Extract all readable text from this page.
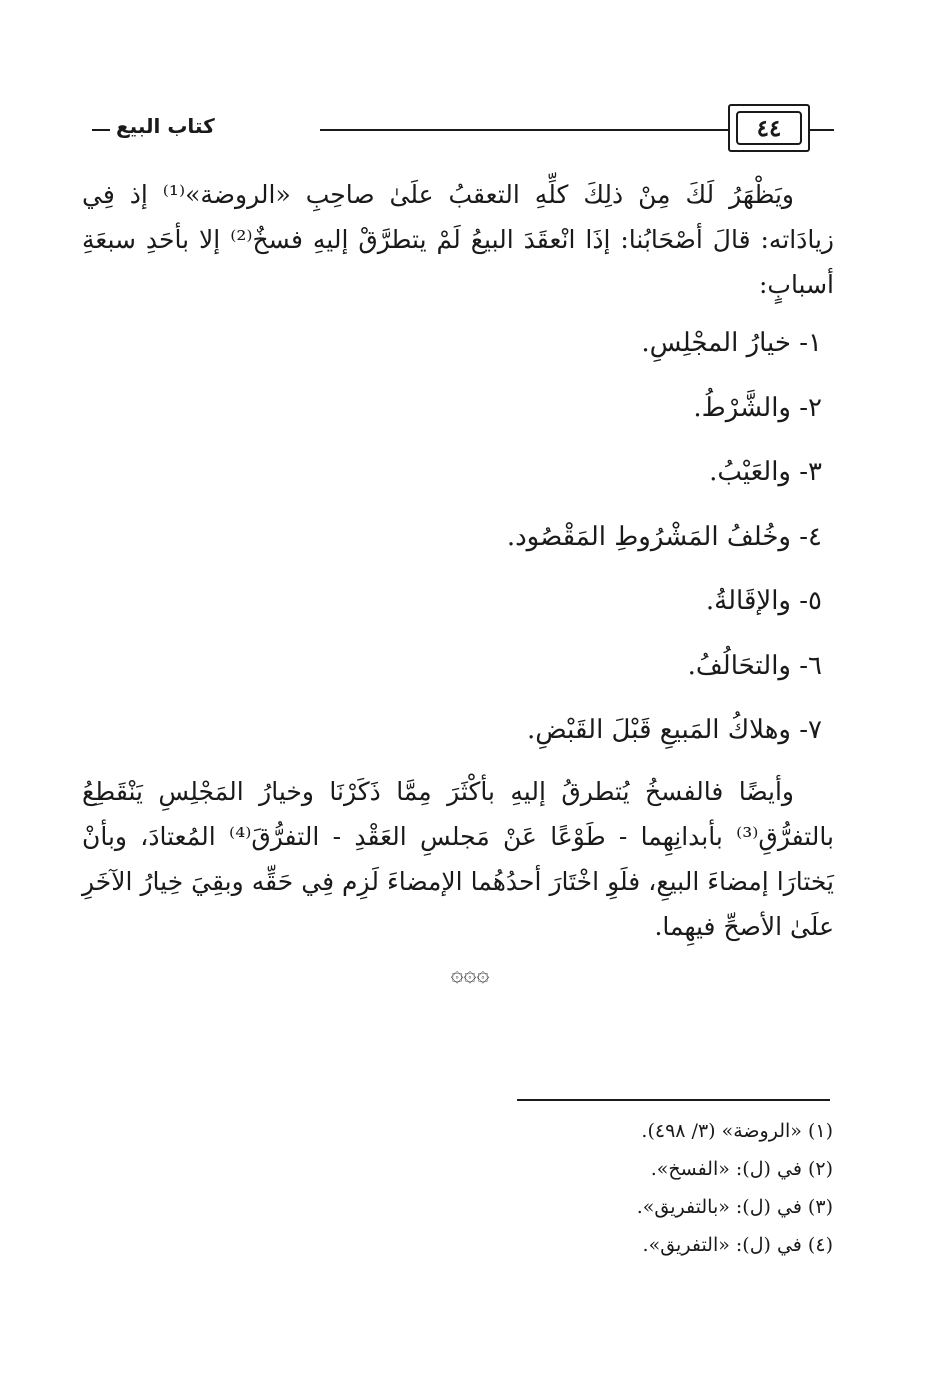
٤٤
كتاب البيع

ويَظْهَرُ لَكَ مِنْ ذلِكَ كلِّهِ التعقبُ علَىٰ صاحِبِ «الروضة»⁽¹⁾ إذ فِي زيادَاته: قالَ أصْحَابُنا: إذَا انْعقَدَ البيعُ لَمْ يتطرَّقْ إليهِ فسخٌ⁽²⁾ إلا بأحَدِ سبعَةِ أسبابٍ:

١- خيارُ المجْلِسِ.

٢- والشَّرْطُ.

٣- والعَيْبُ.

٤- وخُلفُ المَشْرُوطِ المَقْصُود.

٥- والإقَالةُ.

٦- والتحَالُفُ.

٧- وهلاكُ المَبيعِ قَبْلَ القَبْضِ.

وأيضًا فالفسخُ يُتطرقُ إليهِ بأكْثَرَ مِمَّا ذَكَرْنَا وخيارُ المَجْلِسِ يَنْقَطِعُ بالتفرُّقِ⁽³⁾ بأبدانِهِما - طَوْعًا عَنْ مَجلسِ العَقْدِ - التفرُّقَ⁽⁴⁾ المُعتادَ، وبأنْ يَختارَا إمضاءَ البيعِ، فلَوِ اخْتَارَ أحدُهُما الإمضاءَ لَزِم فِي حَقِّه وبقِيَ خِيارُ الآخَرِ علَىٰ الأصحِّ فيهِما.

۞۞۞
(١) «الروضة» (٣/ ٤٩٨).
(٢) في (ل): «الفسخ».
(٣) في (ل): «بالتفريق».
(٤) في (ل): «التفريق».
